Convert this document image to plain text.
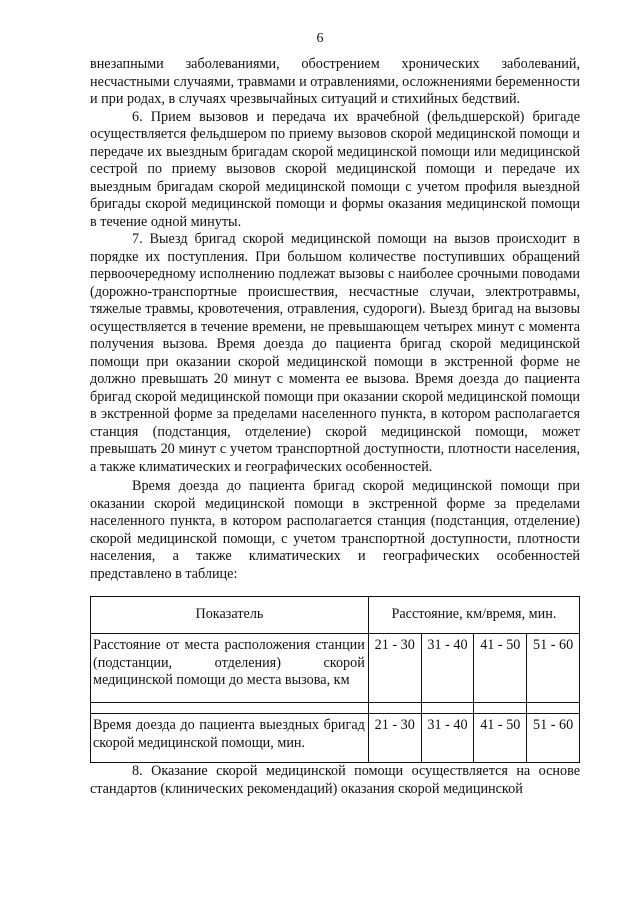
6

внезапными заболеваниями, обострением хронических заболеваний, несчастными случаями, травмами и отравлениями, осложнениями беременности и при родах, в случаях чрезвычайных ситуаций и стихийных бедствий.

6. Прием вызовов и передача их врачебной (фельдшерской) бригаде осуществляется фельдшером по приему вызовов скорой медицинской помощи и передаче их выездным бригадам скорой медицинской помощи или медицинской сестрой по приему вызовов скорой медицинской помощи и передаче их выездным бригадам скорой медицинской помощи с учетом профиля выездной бригады скорой медицинской помощи и формы оказания медицинской помощи в течение одной минуты.

7. Выезд бригад скорой медицинской помощи на вызов происходит в порядке их поступления. При большом количестве поступивших обращений первоочередному исполнению подлежат вызовы с наиболее срочными поводами (дорожно-транспортные происшествия, несчастные случаи, электротравмы, тяжелые травмы, кровотечения, отравления, судороги). Выезд бригад на вызовы осуществляется в течение времени, не превышающем четырех минут с момента получения вызова. Время доезда до пациента бригад скорой медицинской помощи при оказании скорой медицинской помощи в экстренной форме не должно превышать 20 минут с момента ее вызова. Время доезда до пациента бригад скорой медицинской помощи при оказании скорой медицинской помощи в экстренной форме за пределами населенного пункта, в котором располагается станция (подстанция, отделение) скорой медицинской помощи, может превышать 20 минут с учетом транспортной доступности, плотности населения, а также климатических и географических особенностей.

Время доезда до пациента бригад скорой медицинской помощи при оказании скорой медицинской помощи в экстренной форме за пределами населенного пункта, в котором располагается станция (подстанция, отделение) скорой медицинской помощи, с учетом транспортной доступности, плотности населения, а также климатических и географических особенностей представлено в таблице:

Показатель	Расстояние, км/время, мин.			
Расстояние от места расположения станции (подстанции, отделения) скорой медицинской помощи до места вызова, км	21 - 30	31 - 40	41 - 50	51 - 60

Время доезда до пациента выездных бригад скорой медицинской помощи, мин.	21 - 30	31 - 40	41 - 50	51 - 60

8. Оказание скорой медицинской помощи осуществляется на основе стандартов (клинических рекомендаций) оказания скорой медицинской
